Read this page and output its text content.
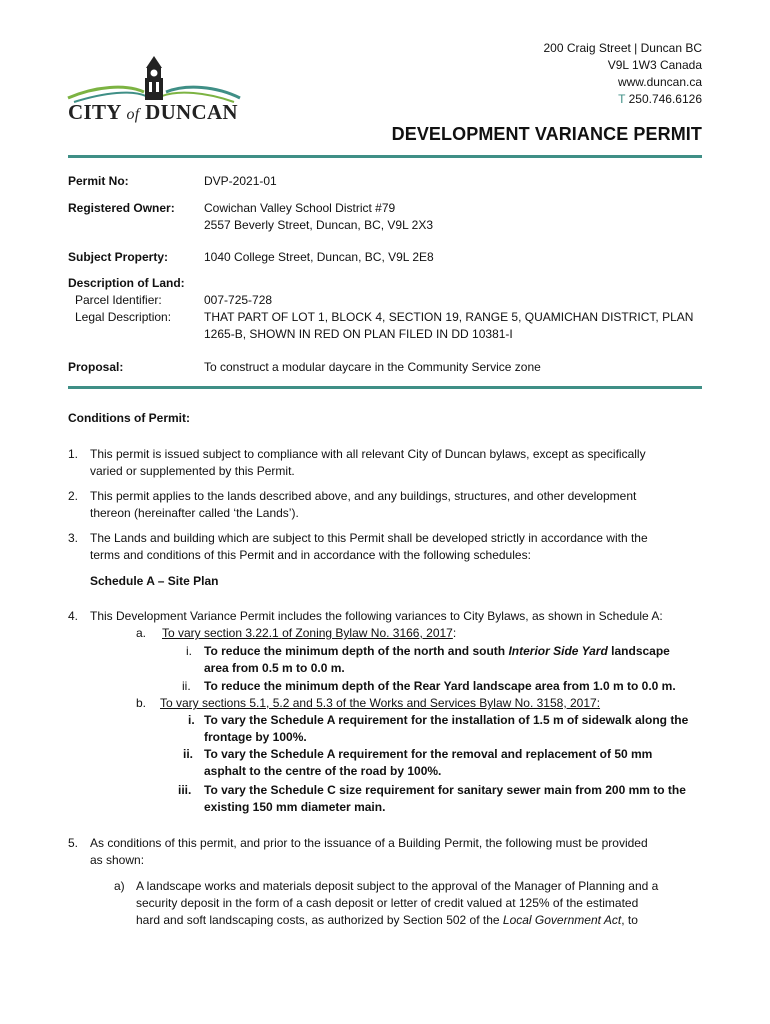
CITY of DUNCAN
200 Craig Street | Duncan BC
V9L 1W3 Canada
www.duncan.ca
T 250.746.6126
DEVELOPMENT VARIANCE PERMIT
Permit No:	DVP-2021-01
Registered Owner: Cowichan Valley School District #79
2557 Beverly Street, Duncan, BC, V9L 2X3
Subject Property:	1040 College Street, Duncan, BC, V9L 2E8
Description of Land:
Parcel Identifier:	007-725-728
Legal Description:	THAT PART OF LOT 1, BLOCK 4, SECTION 19, RANGE 5, QUAMICHAN DISTRICT, PLAN
1265-B, SHOWN IN RED ON PLAN FILED IN DD 10381-I
Proposal:	To construct a modular daycare in the Community Service zone
Conditions of Permit:
1. This permit is issued subject to compliance with all relevant City of Duncan bylaws, except as specifically
varied or supplemented by this Permit.
2. This permit applies to the lands described above, and any buildings, structures, and other development
thereon (hereinafter called ‘the Lands’).
3. The Lands and building which are subject to this Permit shall be developed strictly in accordance with the
terms and conditions of this Permit and in accordance with the following schedules:
Schedule A – Site Plan
4. This Development Variance Permit includes the following variances to City Bylaws, as shown in Schedule A:
a. To vary section 3.22.1 of Zoning Bylaw No. 3166, 2017:
i. To reduce the minimum depth of the north and south Interior Side Yard landscape
area from 0.5 m to 0.0 m.
ii. To reduce the minimum depth of the Rear Yard landscape area from 1.0 m to 0.0 m.
b. To vary sections 5.1, 5.2 and 5.3 of the Works and Services Bylaw No. 3158, 2017:
i. To vary the Schedule A requirement for the installation of 1.5 m of sidewalk along the
frontage by 100%.
ii. To vary the Schedule A requirement for the removal and replacement of 50 mm
asphalt to the centre of the road by 100%.
iii. To vary the Schedule C size requirement for sanitary sewer main from 200 mm to the
existing 150 mm diameter main.
5. As conditions of this permit, and prior to the issuance of a Building Permit, the following must be provided
as shown:
a) A landscape works and materials deposit subject to the approval of the Manager of Planning and a
security deposit in the form of a cash deposit or letter of credit valued at 125% of the estimated
hard and soft landscaping costs, as authorized by Section 502 of the Local Government Act, to
